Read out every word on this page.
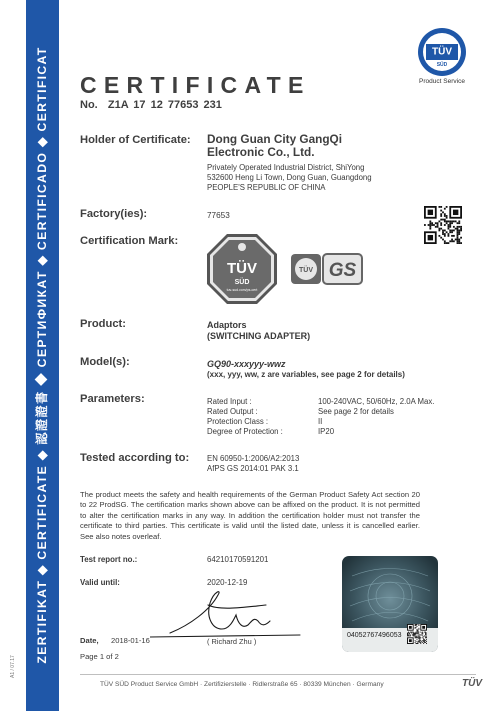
ZERTIFIKAT ◆ CERTIFICATE ◆ 認證證書 ◆ СЕРТИФИКАТ ◆ CERTIFICADO ◆ CERTIFICAT
A1 / 07.17
TÜV
SÜD
Product Service
CERTIFICATE
No. Z1A 17 12 77653 231
Holder of Certificate: Dong Guan City GangQi
Electronic Co., Ltd.
Privately Operated Industrial District, ShiYong
532600 Heng Li Town, Dong Guan, Guangdong
PEOPLE'S REPUBLIC OF CHINA
Factory(ies):	77653
Certification Mark:
TÜV
SÜD
tuv-sud.com/ps-cert
TÜV GS
Product:	Adaptors
(SWITCHING ADAPTER)
Model(s):	GQ90-xxxyyy-wwz
(xxx, yyy, ww, z are variables, see page 2 for details)
Parameters:	Rated Input :	100-240VAC, 50/60Hz, 2.0A Max.
Rated Output :	See page 2 for details
Protection Class :	II
Degree of Protection :	IP20
Tested according to: EN 60950-1:2006/A2:2013
AfPS GS 2014:01 PAK 3.1
The product meets the safety and health requirements of the German Product Safety Act section 20 to 22 ProdSG. The certification marks shown above can be affixed on the product. It is not permitted to alter the certification marks in any way. In addition the certification holder must not transfer the certificate to third parties. This certificate is valid until the listed date, unless it is cancelled earlier. See also notes overleaf.
Test report no.:	64210170591201
Valid until:	2020-12-19
04052767496053
Date, 2018-01-16	( Richard Zhu )
Page 1 of 2
TÜV SÜD Product Service GmbH · Zertifizierstelle · Ridlerstraße 65 · 80339 München · Germany	TÜV
